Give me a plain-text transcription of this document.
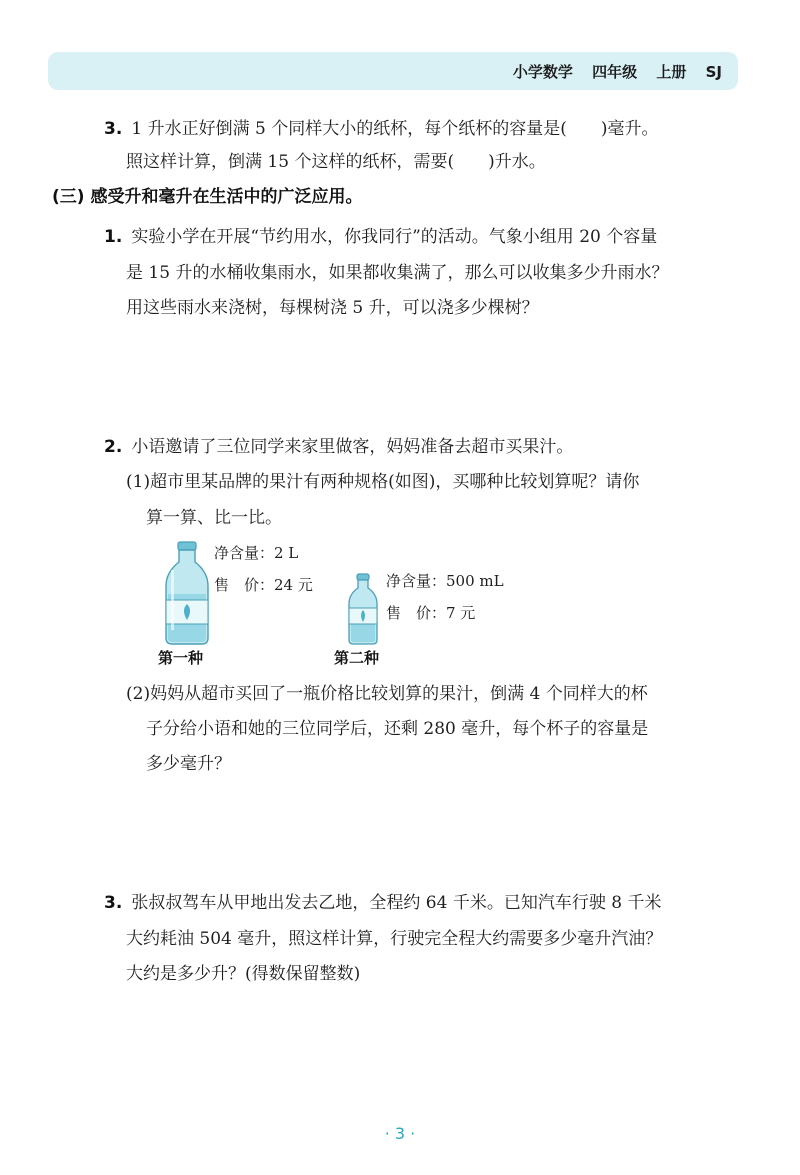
小学数学 四年级 上册 SJ
3. 1 升水正好倒满 5 个同样大小的纸杯，每个纸杯的容量是(　　)毫升。
照这样计算，倒满 15 个这样的纸杯，需要(　　)升水。
(三) 感受升和毫升在生活中的广泛应用。
1. 实验小学在开展“节约用水，你我同行”的活动。气象小组用 20 个容量
是 15 升的水桶收集雨水，如果都收集满了，那么可以收集多少升雨水？
用这些雨水来浇树，每棵树浇 5 升，可以浇多少棵树？
2. 小语邀请了三位同学来家里做客，妈妈准备去超市买果汁。
(1)超市里某品牌的果汁有两种规格(如图)，买哪种比较划算呢？请你
算一算、比一比。
净含量：2 L
售　价：24 元
第一种
净含量：500 mL
售　价：7 元
第二种
(2)妈妈从超市买回了一瓶价格比较划算的果汁，倒满 4 个同样大的杯
子分给小语和她的三位同学后，还剩 280 毫升，每个杯子的容量是
多少毫升？
3. 张叔叔驾车从甲地出发去乙地，全程约 64 千米。已知汽车行驶 8 千米
大约耗油 504 毫升，照这样计算，行驶完全程大约需要多少毫升汽油？
大约是多少升？(得数保留整数)
· 3 ·
